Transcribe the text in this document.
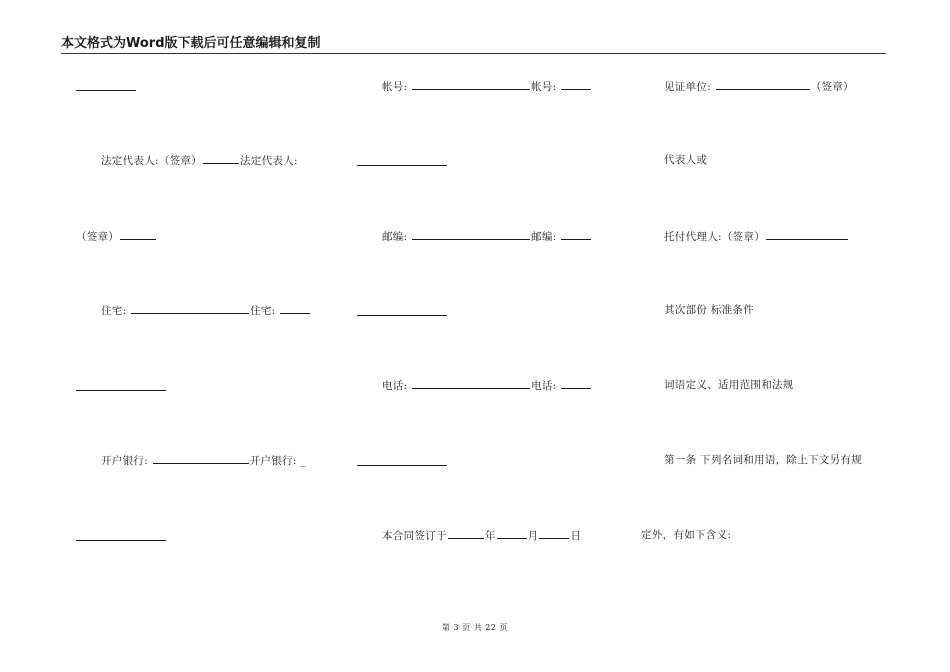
本文格式为Word版下载后可任意编辑和复制
法定代表人:（签章）	法定代表人:
（签章）
住宅:	住宅:
开户银行:	开户银行: _
帐号:	帐号:
邮编:	邮编:
电话:	电话:
本合同签订于	年	月	日
见证单位:	（签章）
代表人或
托付代理人:（签章）
其次部份 标准条件
词语定义、适用范围和法规
第一条 下列名词和用语，除上下文另有规
定外，有如下含义:
第 3 页 共 22 页
